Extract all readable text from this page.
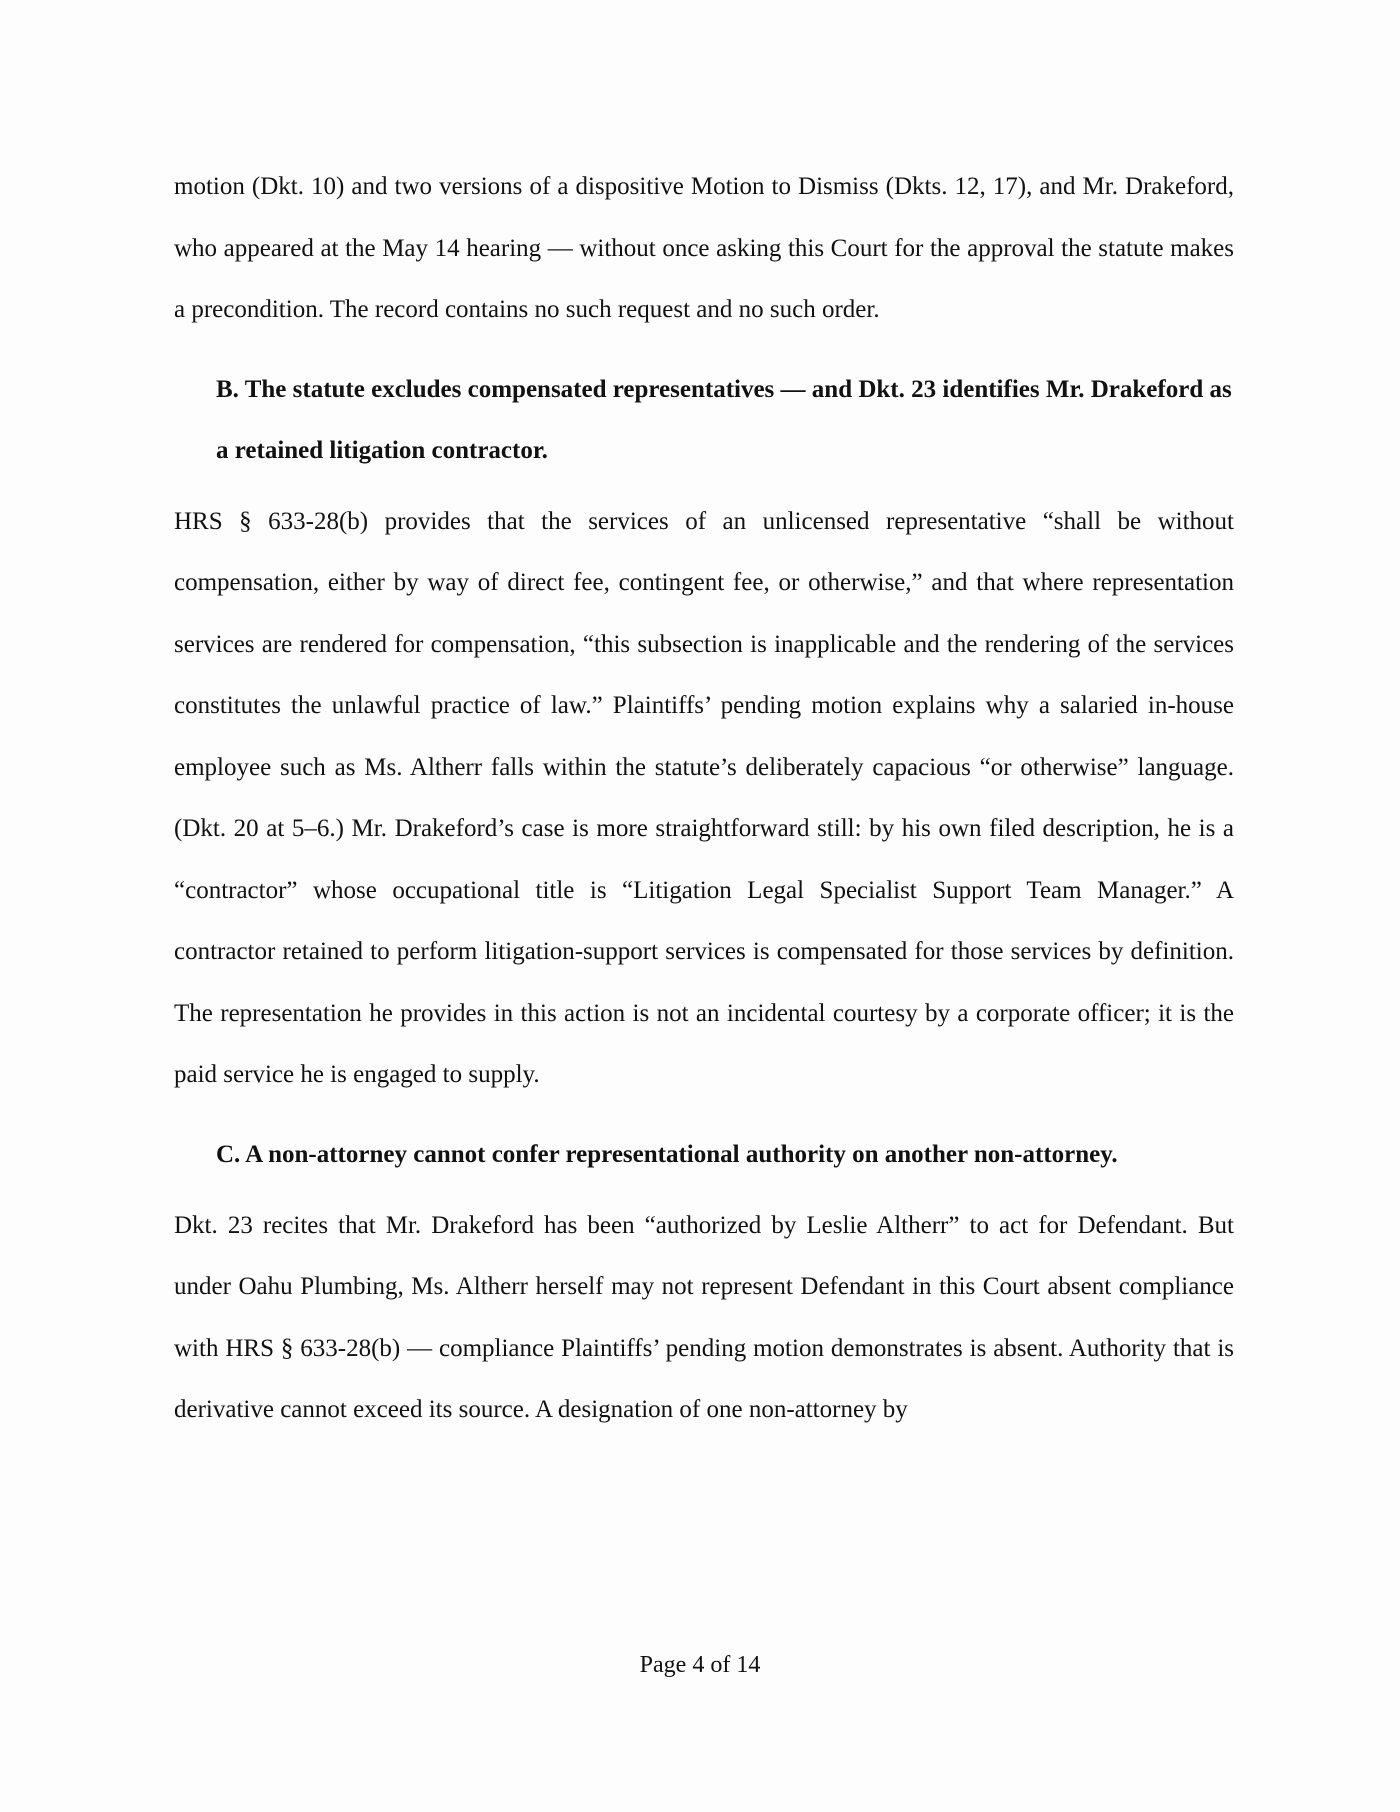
motion (Dkt. 10) and two versions of a dispositive Motion to Dismiss (Dkts. 12, 17), and Mr. Drakeford, who appeared at the May 14 hearing — without once asking this Court for the approval the statute makes a precondition. The record contains no such request and no such order.

B. The statute excludes compensated representatives — and Dkt. 23 identifies Mr. Drakeford as a retained litigation contractor.

HRS § 633-28(b) provides that the services of an unlicensed representative “shall be without compensation, either by way of direct fee, contingent fee, or otherwise,” and that where representation services are rendered for compensation, “this subsection is inapplicable and the rendering of the services constitutes the unlawful practice of law.” Plaintiffs’ pending motion explains why a salaried in-house employee such as Ms. Altherr falls within the statute’s deliberately capacious “or otherwise” language. (Dkt. 20 at 5–6.) Mr. Drakeford’s case is more straightforward still: by his own filed description, he is a “contractor” whose occupational title is “Litigation Legal Specialist Support Team Manager.” A contractor retained to perform litigation-support services is compensated for those services by definition. The representation he provides in this action is not an incidental courtesy by a corporate officer; it is the paid service he is engaged to supply.

C. A non-attorney cannot confer representational authority on another non-attorney.

Dkt. 23 recites that Mr. Drakeford has been “authorized by Leslie Altherr” to act for Defendant. But under Oahu Plumbing, Ms. Altherr herself may not represent Defendant in this Court absent compliance with HRS § 633-28(b) — compliance Plaintiffs’ pending motion demonstrates is absent. Authority that is derivative cannot exceed its source. A designation of one non-attorney by

Page 4 of 14
